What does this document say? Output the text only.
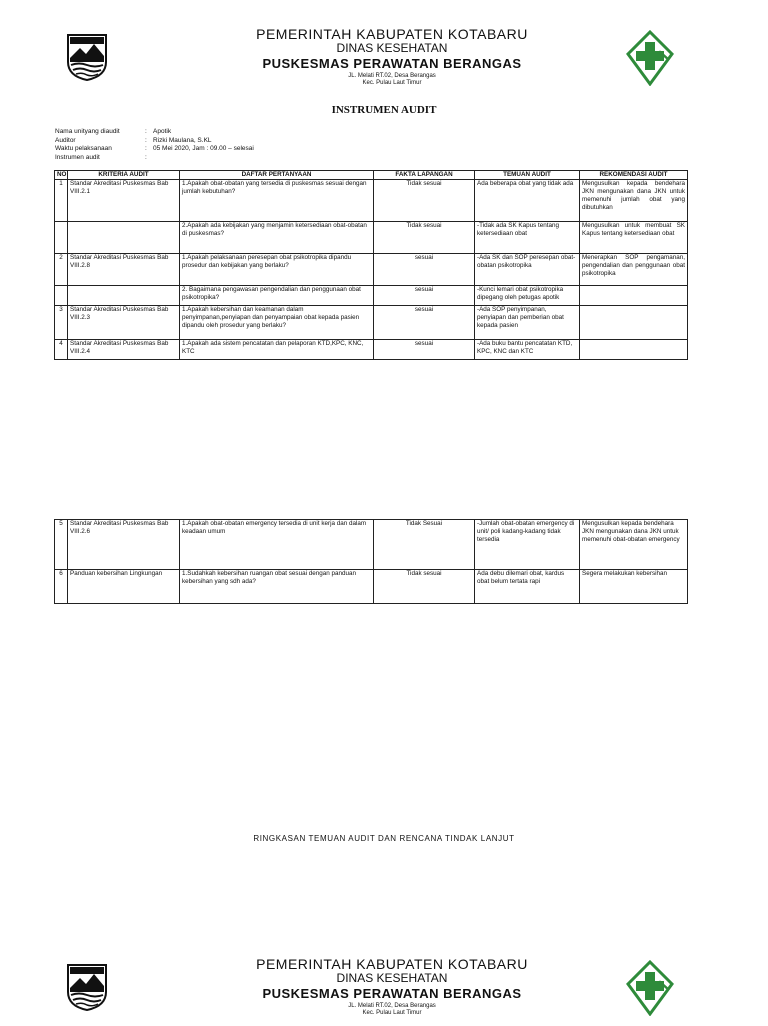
PEMERINTAH KABUPATEN KOTABARU
DINAS KESEHATAN
PUSKESMAS PERAWATAN BERANGAS
JL. Melati RT.02, Desa Berangas
Kec. Pulau Laut Timur
INSTRUMEN AUDIT
Nama unityang diaudit	: Apotik
Auditor	: Rizki Maulana, S.KL
Waktu pelaksanaan	: 05 Mei 2020, Jam : 09.00 – selesai
Instrumen audit	:
NO	KRITERIA AUDIT	DAFTAR PERTANYAAN	FAKTA LAPANGAN	TEMUAN AUDIT	REKOMENDASI AUDIT
1	Standar Akreditasi Puskesmas Bab VIII.2.1	1.Apakah obat-obatan yang tersedia di puskesmas sesuai dengan jumlah kebutuhan?	Tidak sesuai	Ada beberapa obat yang tidak ada	Mengusulkan kepada bendehara JKN mengunakan dana JKN untuk memenuhi jumlah obat yang dibutuhkan
		2.Apakah ada kebijakan yang menjamin ketersediaan obat-obatan di puskesmas?	Tidak sesuai	-Tidak ada SK Kapus tentang ketersediaan obat	Mengusulkan untuk membuat SK Kapus tentang ketersediaan obat
2	Standar Akreditasi Puskesmas Bab VIII.2.8	1.Apakah pelaksanaan peresepan obat psikotropika dipandu prosedur dan kebijakan yang berlaku?	sesuai	-Ada SK dan SOP peresepan obat-obatan psikotropika	Menerapkan SOP pengamanan, pengendalian dan penggunaan obat psikotropika
		2. Bagaimana pengawasan pengendalian dan penggunaan obat psikotropika?	sesuai	-Kunci lemari obat psikotropika dipegang oleh petugas apotik	
3	Standar Akreditasi Puskesmas Bab VIII.2.3	1.Apakah kebersihan dan keamanan dalam penyimpanan,penyiapan dan penyampaian obat kepada pasien dipandu oleh prosedur yang berlaku?	sesuai	-Ada SOP penyimpanan, penyiapan dan pemberian obat kepada pasien	
4	Standar Akreditasi Puskesmas Bab VIII.2.4	1.Apakah ada sistem pencatatan dan pelaporan KTD,KPC, KNC, KTC	sesuai	-Ada buku bantu pencatatan KTD, KPC, KNC dan KTC	
5	Standar Akreditasi Puskesmas Bab VIII.2.6	1.Apakah obat-obatan emergency tersedia di unit kerja dan dalam keadaan umum	Tidak Sesuai	-Jumlah obat-obatan emergency di unit/ poli kadang-kadang tidak tersedia	Mengusulkan kepada bendehara JKN mengunakan dana JKN untuk memenuhi obat-obatan emergency
6	Panduan kebersihan Lingkungan	1.Sudahkah kebersihan ruangan obat sesuai dengan panduan kebersihan yang sdh ada?	Tidak sesuai	Ada debu dilemari obat, kardus obat belum tertata rapi	Segera melakukan kebersihan
RINGKASAN TEMUAN AUDIT DAN RENCANA TINDAK LANJUT
PEMERINTAH KABUPATEN KOTABARU
DINAS KESEHATAN
PUSKESMAS PERAWATAN BERANGAS
JL. Melati RT.02, Desa Berangas
Kec. Pulau Laut Timur
